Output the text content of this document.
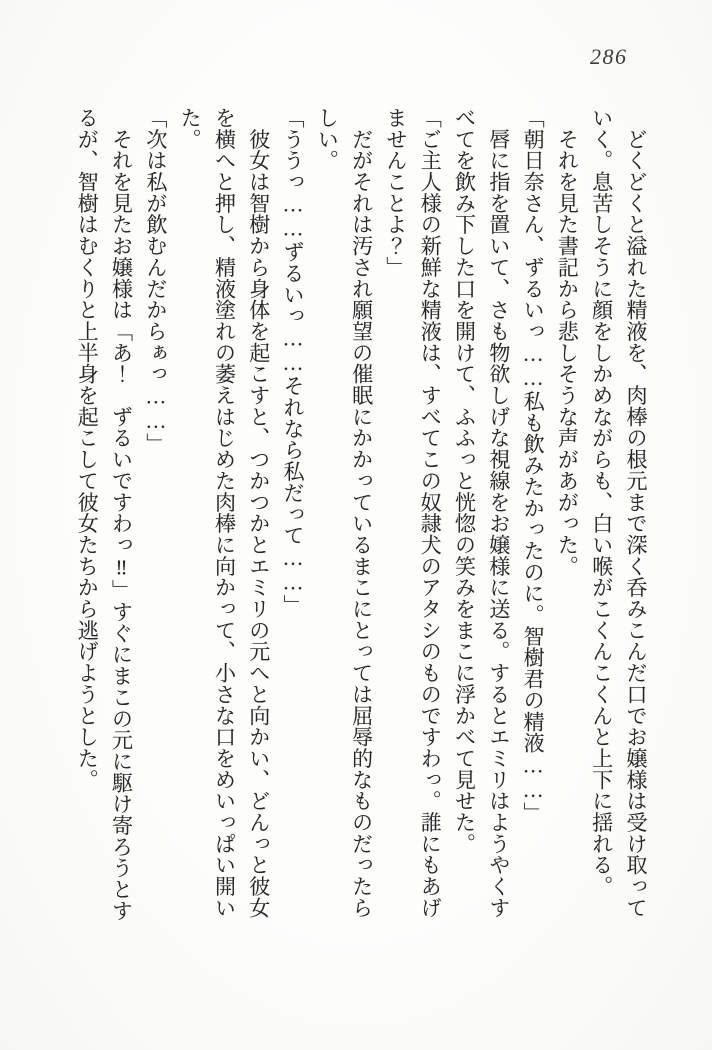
286

　どくどくと溢れた精液を、肉棒の根元まで深く呑みこんだ口でお嬢様は受け取って

いく。息苦しそうに顔をしかめながらも、白い喉がこくんこくんと上下に揺れる。

　それを見た書記から悲しそうな声があがった。

「朝日奈さん、ずるいっ……私も飲みたかったのに。智樹君の精液……」

　唇に指を置いて、さも物欲しげな視線をお嬢様に送る。するとエミリはようやくす

べてを飲み下した口を開けて、ふふっと恍惚の笑みをまこに浮かべて見せた。

「ご主人様の新鮮な精液は、すべてこの奴隷犬のアタシのものですわっ。誰にもあげ

ませんことよ？」

　だがそれは汚され願望の催眠にかかっているまこにとっては屈辱的なものだったら

しい。

「ううっ……ずるいっ……それなら私だって……」

　彼女は智樹から身体を起こすと、つかつかとエミリの元へと向かい、どんっと彼女

を横へと押し、精液塗れの萎えはじめた肉棒に向かって、小さな口をめいっぱい開い

た。

「次は私が飲むんだからぁっ……」

　それを見たお嬢様は「あ！　ずるいですわっ‼」すぐにまこの元に駆け寄ろうとす

るが、智樹はむくりと上半身を起こして彼女たちから逃げようとした。
